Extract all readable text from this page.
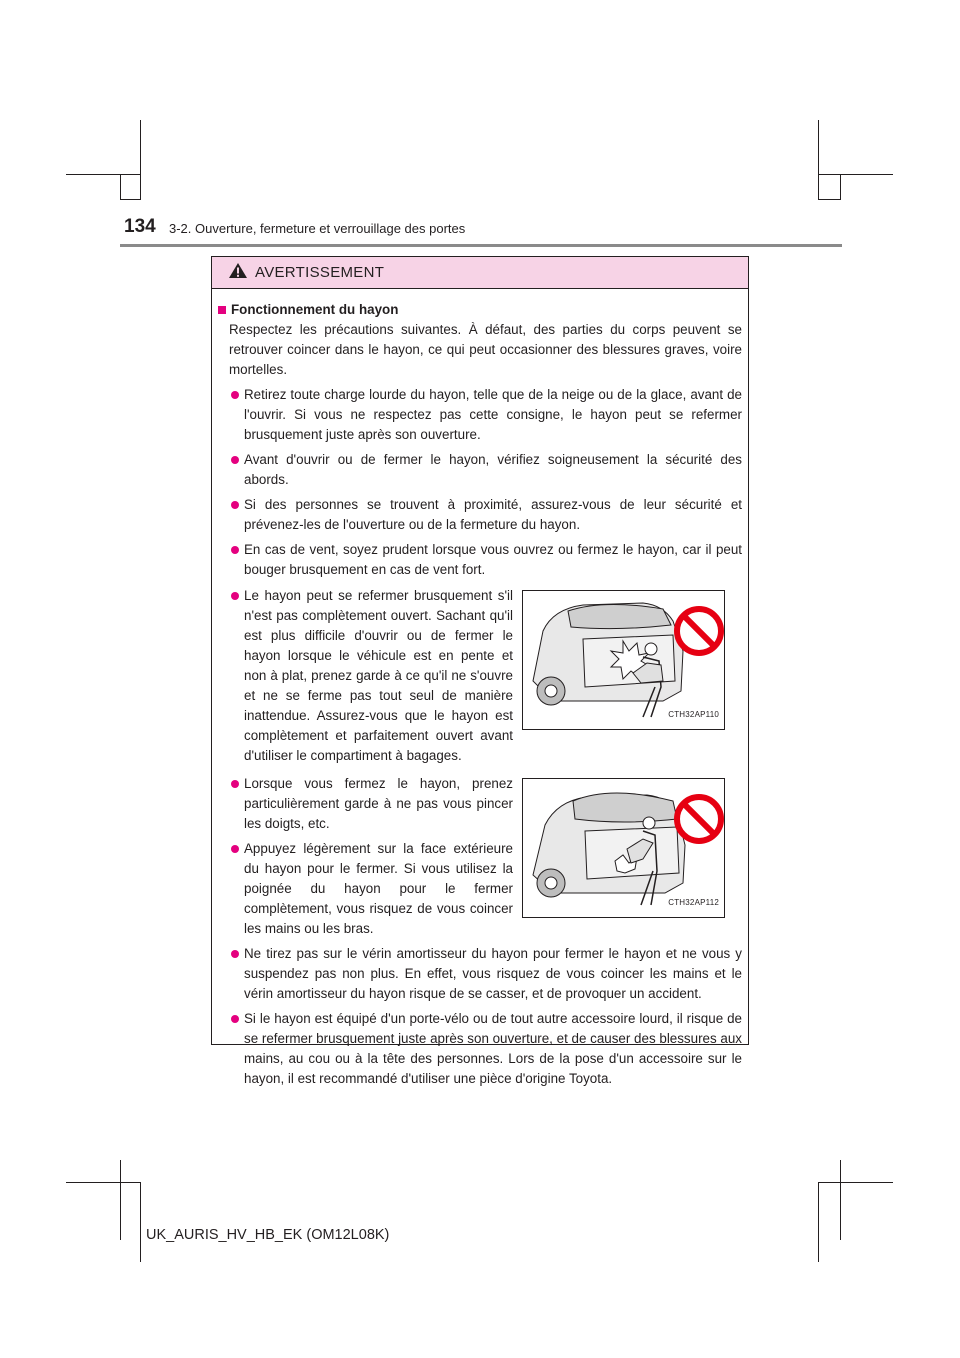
134 3-2. Ouverture, fermeture et verrouillage des portes
AVERTISSEMENT
Fonctionnement du hayon
Respectez les précautions suivantes. À défaut, des parties du corps peuvent se retrouver coincer dans le hayon, ce qui peut occasionner des blessures graves, voire mortelles.
Retirez toute charge lourde du hayon, telle que de la neige ou de la glace, avant de l'ouvrir. Si vous ne respectez pas cette consigne, le hayon peut se refermer brusquement juste après son ouverture.
Avant d'ouvrir ou de fermer le hayon, vérifiez soigneusement la sécurité des abords.
Si des personnes se trouvent à proximité, assurez-vous de leur sécurité et prévenez-les de l'ouverture ou de la fermeture du hayon.
En cas de vent, soyez prudent lorsque vous ouvrez ou fermez le hayon, car il peut bouger brusquement en cas de vent fort.
Le hayon peut se refermer brusquement s'il n'est pas complètement ouvert. Sachant qu'il est plus difficile d'ouvrir ou de fermer le hayon lorsque le véhicule est en pente et non à plat, prenez garde à ce qu'il ne s'ouvre et ne se ferme pas tout seul de manière inattendue. Assurez-vous que le hayon est complètement et parfaitement ouvert avant d'utiliser le compartiment à bagages.
CTH32AP110
Lorsque vous fermez le hayon, prenez particulièrement garde à ne pas vous pincer les doigts, etc.
Appuyez légèrement sur la face extérieure du hayon pour le fermer. Si vous utilisez la poignée du hayon pour le fermer complètement, vous risquez de vous coincer les mains ou les bras.
CTH32AP112
Ne tirez pas sur le vérin amortisseur du hayon pour fermer le hayon et ne vous y suspendez pas non plus. En effet, vous risquez de vous coincer les mains et le vérin amortisseur du hayon risque de se casser, et de provoquer un accident.
Si le hayon est équipé d'un porte-vélo ou de tout autre accessoire lourd, il risque de se refermer brusquement juste après son ouverture, et de causer des blessures aux mains, au cou ou à la tête des personnes. Lors de la pose d'un accessoire sur le hayon, il est recommandé d'utiliser une pièce d'origine Toyota.
UK_AURIS_HV_HB_EK (OM12L08K)
